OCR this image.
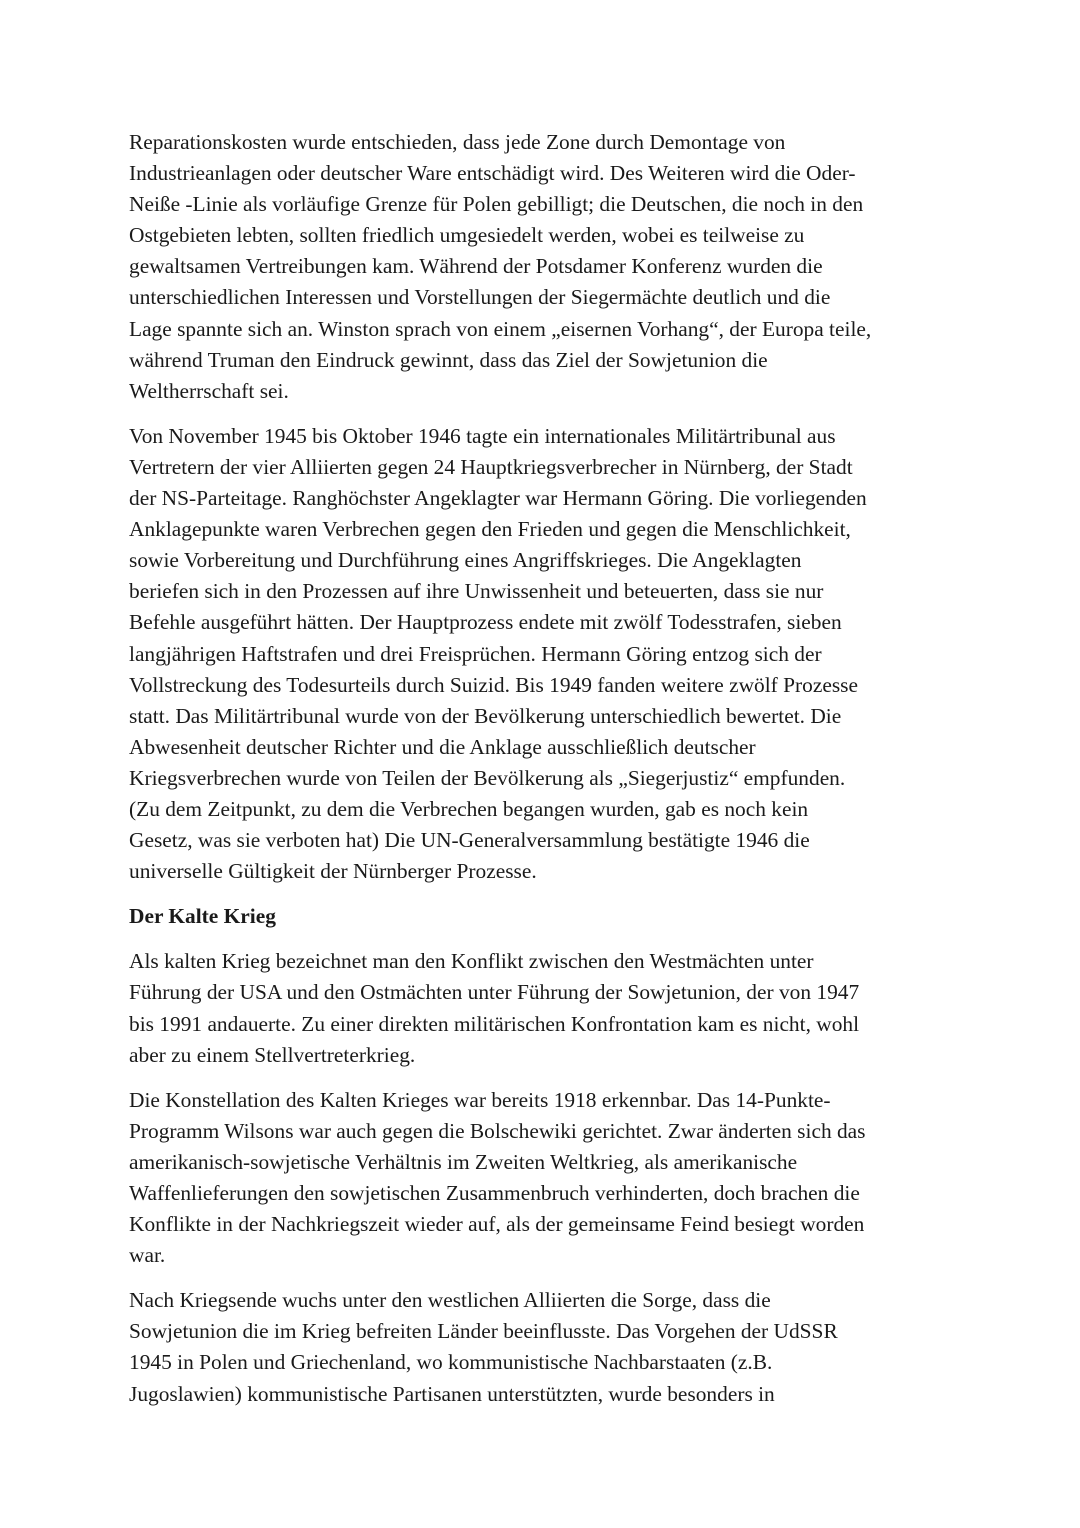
Reparationskosten wurde entschieden, dass jede Zone durch Demontage von
Industrieanlagen oder deutscher Ware entschädigt wird. Des Weiteren wird die Oder-
Neiße -Linie als vorläufige Grenze für Polen gebilligt; die Deutschen, die noch in den
Ostgebieten lebten, sollten friedlich umgesiedelt werden, wobei es teilweise zu
gewaltsamen Vertreibungen kam. Während der Potsdamer Konferenz wurden die
unterschiedlichen Interessen und Vorstellungen der Siegermächte deutlich und die
Lage spannte sich an. Winston sprach von einem „eisernen Vorhang“, der Europa teile,
während Truman den Eindruck gewinnt, dass das Ziel der Sowjetunion die
Weltherrschaft sei.

Von November 1945 bis Oktober 1946 tagte ein internationales Militärtribunal aus
Vertretern der vier Alliierten gegen 24 Hauptkriegsverbrecher in Nürnberg, der Stadt
der NS-Parteitage. Ranghöchster Angeklagter war Hermann Göring. Die vorliegenden
Anklagepunkte waren Verbrechen gegen den Frieden und gegen die Menschlichkeit,
sowie Vorbereitung und Durchführung eines Angriffskrieges. Die Angeklagten
beriefen sich in den Prozessen auf ihre Unwissenheit und beteuerten, dass sie nur
Befehle ausgeführt hätten. Der Hauptprozess endete mit zwölf Todesstrafen, sieben
langjährigen Haftstrafen und drei Freisprüchen. Hermann Göring entzog sich der
Vollstreckung des Todesurteils durch Suizid. Bis 1949 fanden weitere zwölf Prozesse
statt. Das Militärtribunal wurde von der Bevölkerung unterschiedlich bewertet. Die
Abwesenheit deutscher Richter und die Anklage ausschließlich deutscher
Kriegsverbrechen wurde von Teilen der Bevölkerung als „Siegerjustiz“ empfunden.
(Zu dem Zeitpunkt, zu dem die Verbrechen begangen wurden, gab es noch kein
Gesetz, was sie verboten hat) Die UN-Generalversammlung bestätigte 1946 die
universelle Gültigkeit der Nürnberger Prozesse.

Der Kalte Krieg

Als kalten Krieg bezeichnet man den Konflikt zwischen den Westmächten unter
Führung der USA und den Ostmächten unter Führung der Sowjetunion, der von 1947
bis 1991 andauerte. Zu einer direkten militärischen Konfrontation kam es nicht, wohl
aber zu einem Stellvertreterkrieg.

Die Konstellation des Kalten Krieges war bereits 1918 erkennbar. Das 14-Punkte-
Programm Wilsons war auch gegen die Bolschewiki gerichtet. Zwar änderten sich das
amerikanisch-sowjetische Verhältnis im Zweiten Weltkrieg, als amerikanische
Waffenlieferungen den sowjetischen Zusammenbruch verhinderten, doch brachen die
Konflikte in der Nachkriegszeit wieder auf, als der gemeinsame Feind besiegt worden
war.

Nach Kriegsende wuchs unter den westlichen Alliierten die Sorge, dass die
Sowjetunion die im Krieg befreiten Länder beeinflusste. Das Vorgehen der UdSSR
1945 in Polen und Griechenland, wo kommunistische Nachbarstaaten (z.B.
Jugoslawien) kommunistische Partisanen unterstützten, wurde besonders in
